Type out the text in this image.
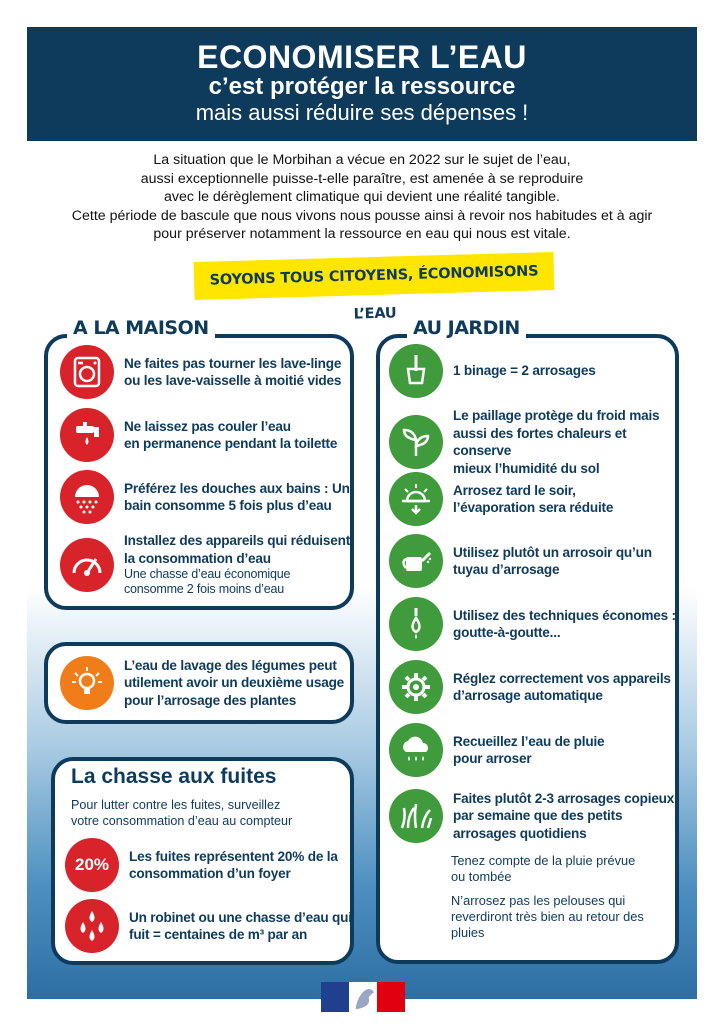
ECONOMISER L’EAU
c’est protéger la ressource
mais aussi réduire ses dépenses !
La situation que le Morbihan a vécue en 2022 sur le sujet de l’eau,
aussi exceptionnelle puisse-t-elle paraître, est amenée à se reproduire
avec le dérèglement climatique qui devient une réalité tangible.
Cette période de bascule que nous vivons nous pousse ainsi à revoir nos habitudes et à agir
pour préserver notamment la ressource en eau qui nous est vitale.
SOYONS TOUS CITOYENS, ÉCONOMISONS L’EAU
A LA MAISON
Ne faites pas tourner les lave-linge
ou les lave-vaisselle à moitié vides
Ne laissez pas couler l’eau
en permanence pendant la toilette
Préférez les douches aux bains : Un
bain consomme 5 fois plus d’eau
Installez des appareils qui réduisent
la consommation d’eau
Une chasse d’eau économique
consomme 2 fois moins d’eau
L’eau de lavage des légumes peut
utilement avoir un deuxième usage
pour l’arrosage des plantes
La chasse aux fuites
Pour lutter contre les fuites, surveillez
votre consommation d’eau au compteur
20% Les fuites représentent 20% de la
consommation d’un foyer
Un robinet ou une chasse d’eau qui
fuit = centaines de m³ par an
AU JARDIN
1 binage = 2 arrosages
Le paillage protège du froid mais
aussi des fortes chaleurs et conserve
mieux l’humidité du sol
Arrosez tard le soir,
l’évaporation sera réduite
Utilisez plutôt un arrosoir qu’un
tuyau d’arrosage
Utilisez des techniques économes :
goutte-à-goutte...
Réglez correctement vos appareils
d’arrosage automatique
Recueillez l’eau de pluie
pour arroser
Faites plutôt 2-3 arrosages copieux
par semaine que des petits
arrosages quotidiens
Tenez compte de la pluie prévue
ou tombée
N’arrosez pas les pelouses qui
reverdiront très bien au retour des
pluies
